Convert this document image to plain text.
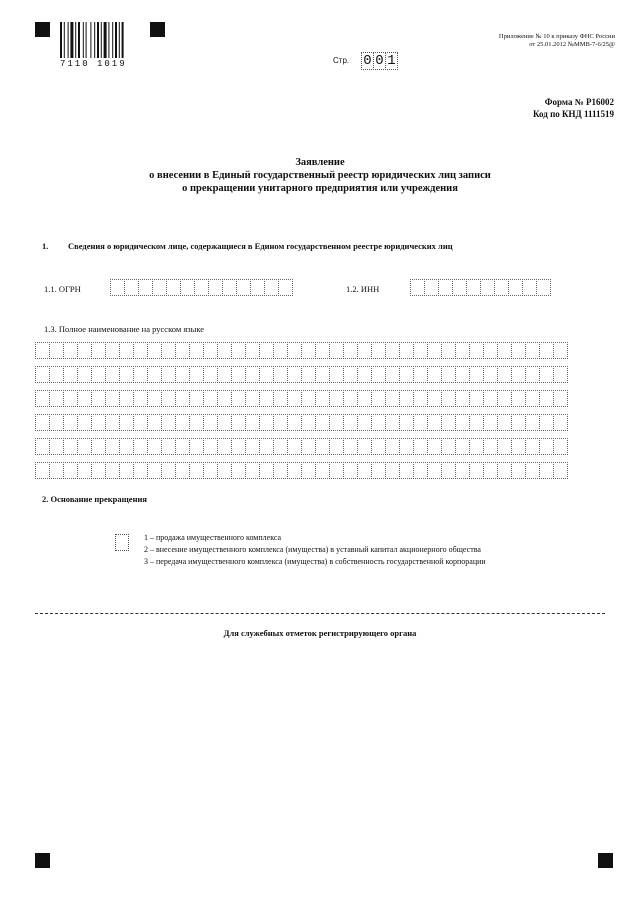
7110 1019
Приложение № 10 к приказу ФНС России
от 25.01.2012 №ММВ-7-6/25@
Стр. 0 0 1
Форма № Р16002
Код по КНД 1111519
Заявление
о внесении в Единый государственный реестр юридических лиц записи
о прекращении унитарного предприятия или учреждения
1. Сведения о юридическом лице, содержащиеся в Едином государственном реестре юридических лиц
1.1. ОГРН	1.2. ИНН
1.3. Полное наименование на русском языке
2. Основание прекращения
1 – продажа имущественного комплекса
2 – внесение имущественного комплекса (имущества) в уставный капитал акционерного общества
3 – передача имущественного комплекса (имущества) в собственность государственной корпорации
Для служебных отметок регистрирующего органа
